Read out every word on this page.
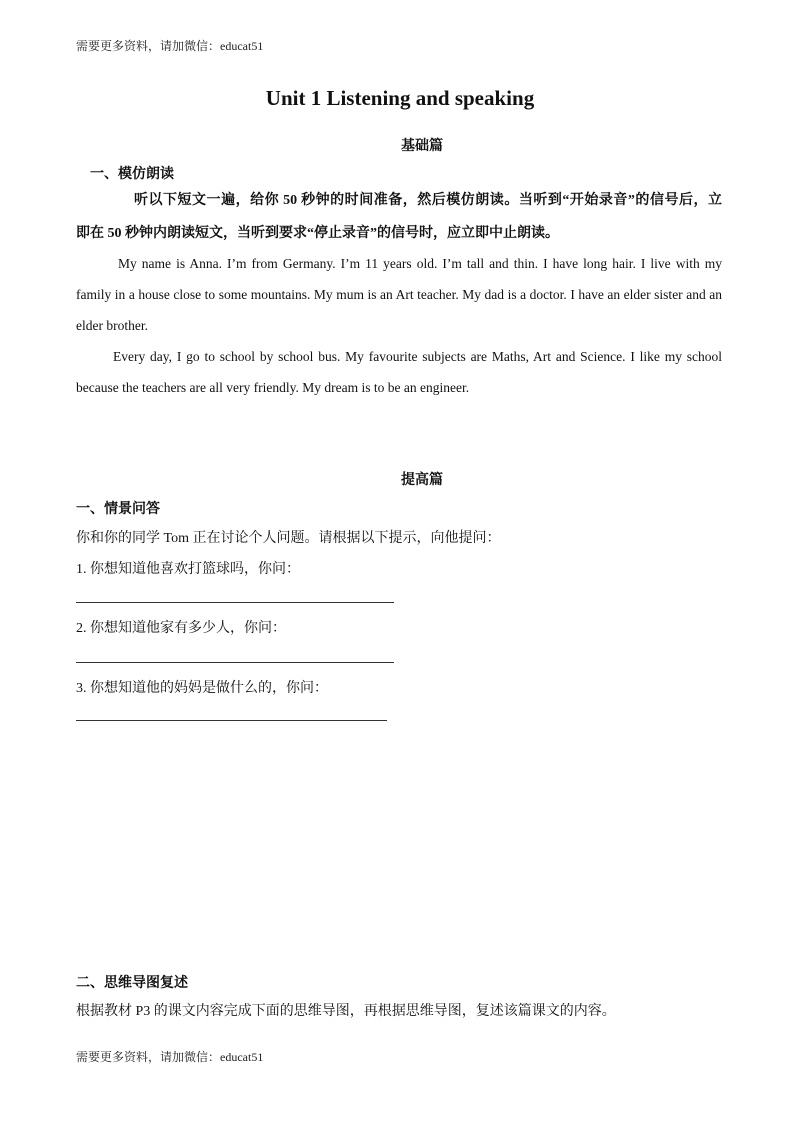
需要更多资料，请加微信：educat51
Unit 1 Listening and speaking
基础篇
一、模仿朗读

听以下短文一遍，给你 50 秒钟的时间准备，然后模仿朗读。当听到“开始录音”的信号后，立

即在 50 秒钟内朗读短文，当听到要求“停止录音”的信号时，应立即中止朗读。

My name is Anna. I’m from Germany. I’m 11 years old. I’m tall and thin. I have long hair. I live with my family in a house close to some mountains. My mum is an Art teacher. My dad is a doctor. I have an elder sister and an elder brother.

Every day, I go to school by school bus. My favourite subjects are Maths, Art and Science. I like my school because the teachers are all very friendly. My dream is to be an engineer.

提高篇
一、情景问答
你和你的同学 Tom 正在讨论个人问题。请根据以下提示，向他提问：
1. 你想知道他喜欢打篮球吗，你问：
2. 你想知道他家有多少人，你问：
3. 你想知道他的妈妈是做什么的，你问：
二、思维导图复述
根据教材 P3 的课文内容完成下面的思维导图，再根据思维导图，复述该篇课文的内容。
需要更多资料，请加微信：educat51
